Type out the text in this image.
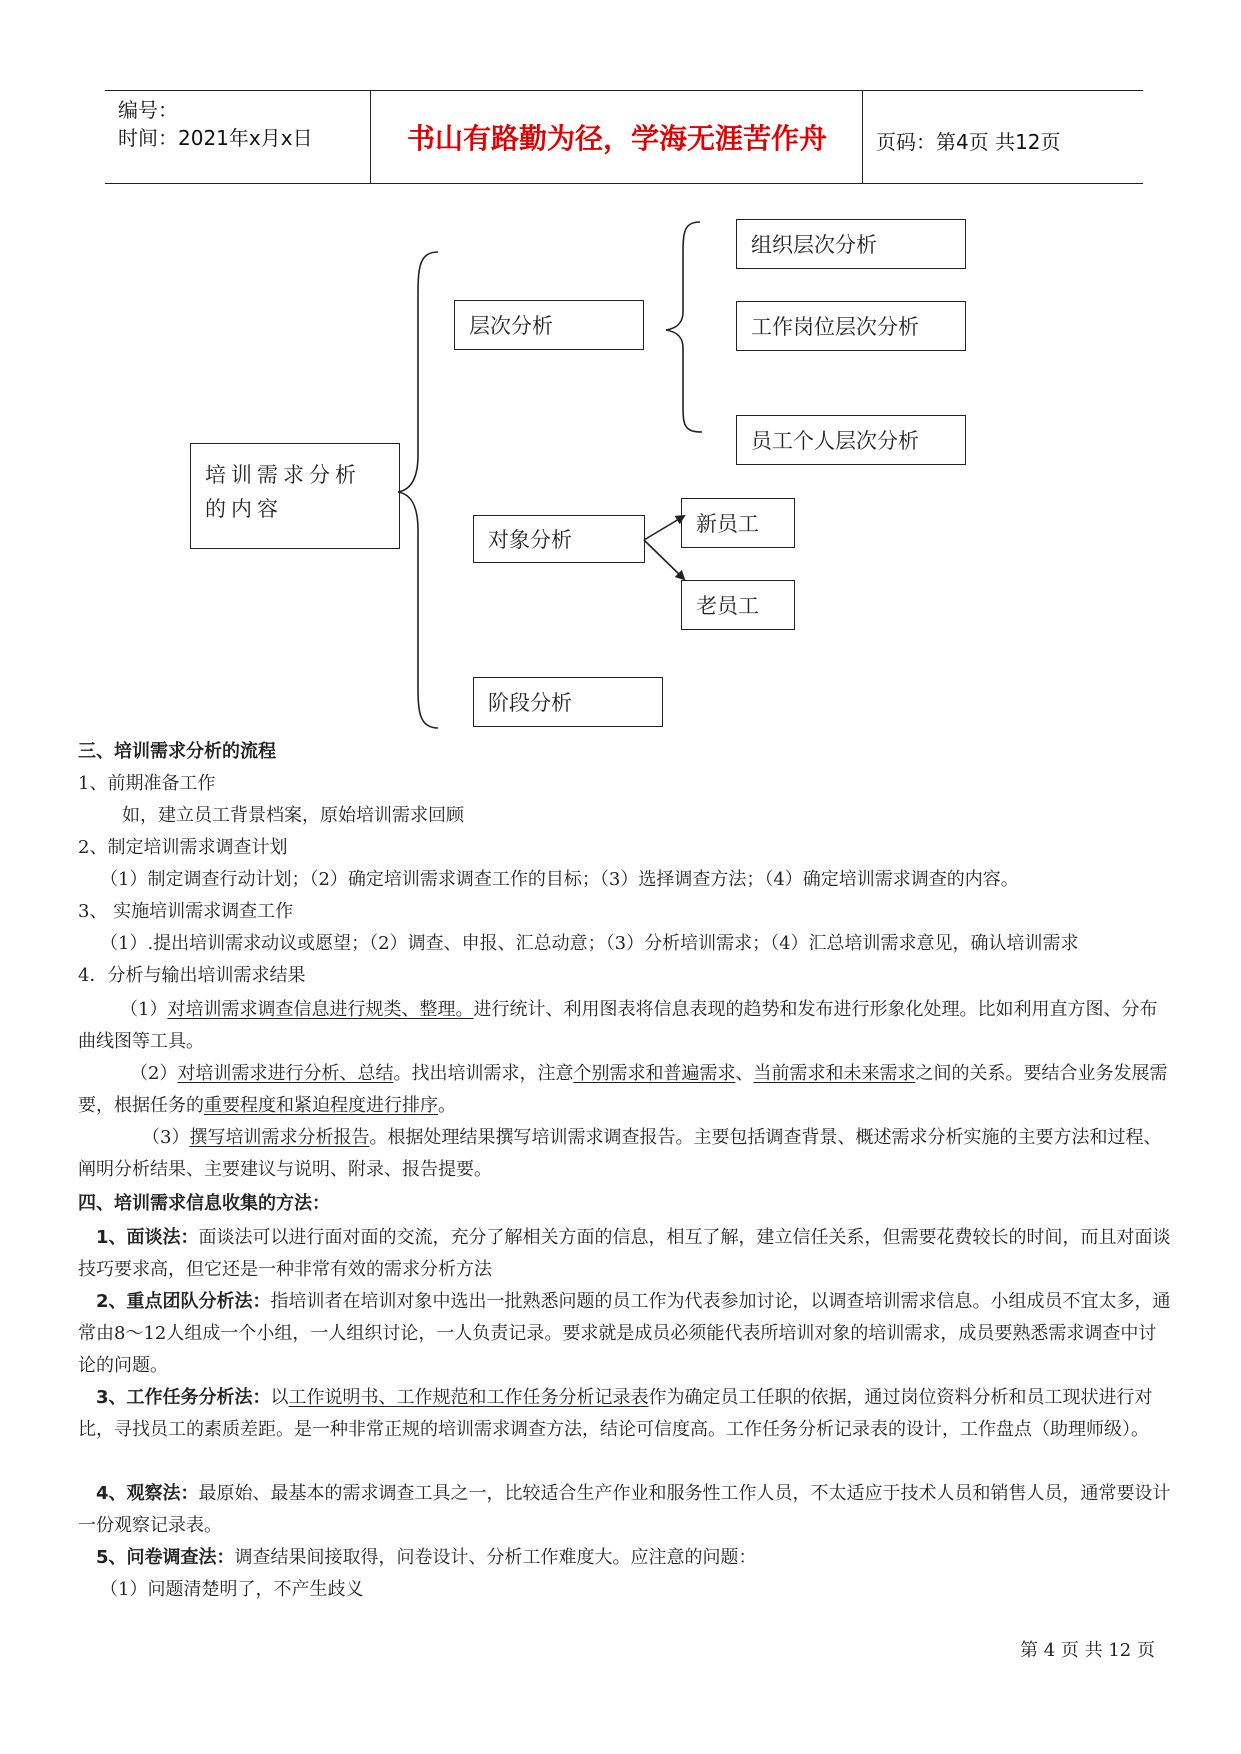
编号：
时间：2021年x月x日	书山有路勤为径，学海无涯苦作舟	页码：第4页 共12页
培训需求分析的内容
层次分析
组织层次分析
工作岗位层次分析
员工个人层次分析
对象分析
新员工
老员工
阶段分析
三、培训需求分析的流程
1、前期准备工作
如，建立员工背景档案，原始培训需求回顾
2、制定培训需求调查计划
（1）制定调查行动计划；（2）确定培训需求调查工作的目标；（3）选择调查方法；（4）确定培训需求调查的内容。
3、 实施培训需求调查工作
（1）.提出培训需求动议或愿望；（2）调查、申报、汇总动意；（3）分析培训需求；（4）汇总培训需求意见，确认培训需求
4．分析与输出培训需求结果
（1）对培训需求调查信息进行规类、整理。进行统计、利用图表将信息表现的趋势和发布进行形象化处理。比如利用直方图、分布曲线图等工具。
（2）对培训需求进行分析、总结。找出培训需求，注意个别需求和普遍需求、当前需求和未来需求之间的关系。要结合业务发展需要，根据任务的重要程度和紧迫程度进行排序。
（3）撰写培训需求分析报告。根据处理结果撰写培训需求调查报告。主要包括调查背景、概述需求分析实施的主要方法和过程、阐明分析结果、主要建议与说明、附录、报告提要。
四、培训需求信息收集的方法：
1、面谈法：面谈法可以进行面对面的交流，充分了解相关方面的信息，相互了解，建立信任关系，但需要花费较长的时间，而且对面谈技巧要求高，但它还是一种非常有效的需求分析方法
2、重点团队分析法：指培训者在培训对象中选出一批熟悉问题的员工作为代表参加讨论，以调查培训需求信息。小组成员不宜太多，通常由8～12人组成一个小组，一人组织讨论，一人负责记录。要求就是成员必须能代表所培训对象的培训需求，成员要熟悉需求调查中讨论的问题。
3、工作任务分析法：以工作说明书、工作规范和工作任务分析记录表作为确定员工任职的依据，通过岗位资料分析和员工现状进行对比，寻找员工的素质差距。是一种非常正规的培训需求调查方法，结论可信度高。工作任务分析记录表的设计，工作盘点（助理师级）。
4、观察法：最原始、最基本的需求调查工具之一，比较适合生产作业和服务性工作人员，不太适应于技术人员和销售人员，通常要设计一份观察记录表。
5、问卷调查法：调查结果间接取得，问卷设计、分析工作难度大。应注意的问题：
（1）问题清楚明了，不产生歧义
第 4 页 共 12 页
